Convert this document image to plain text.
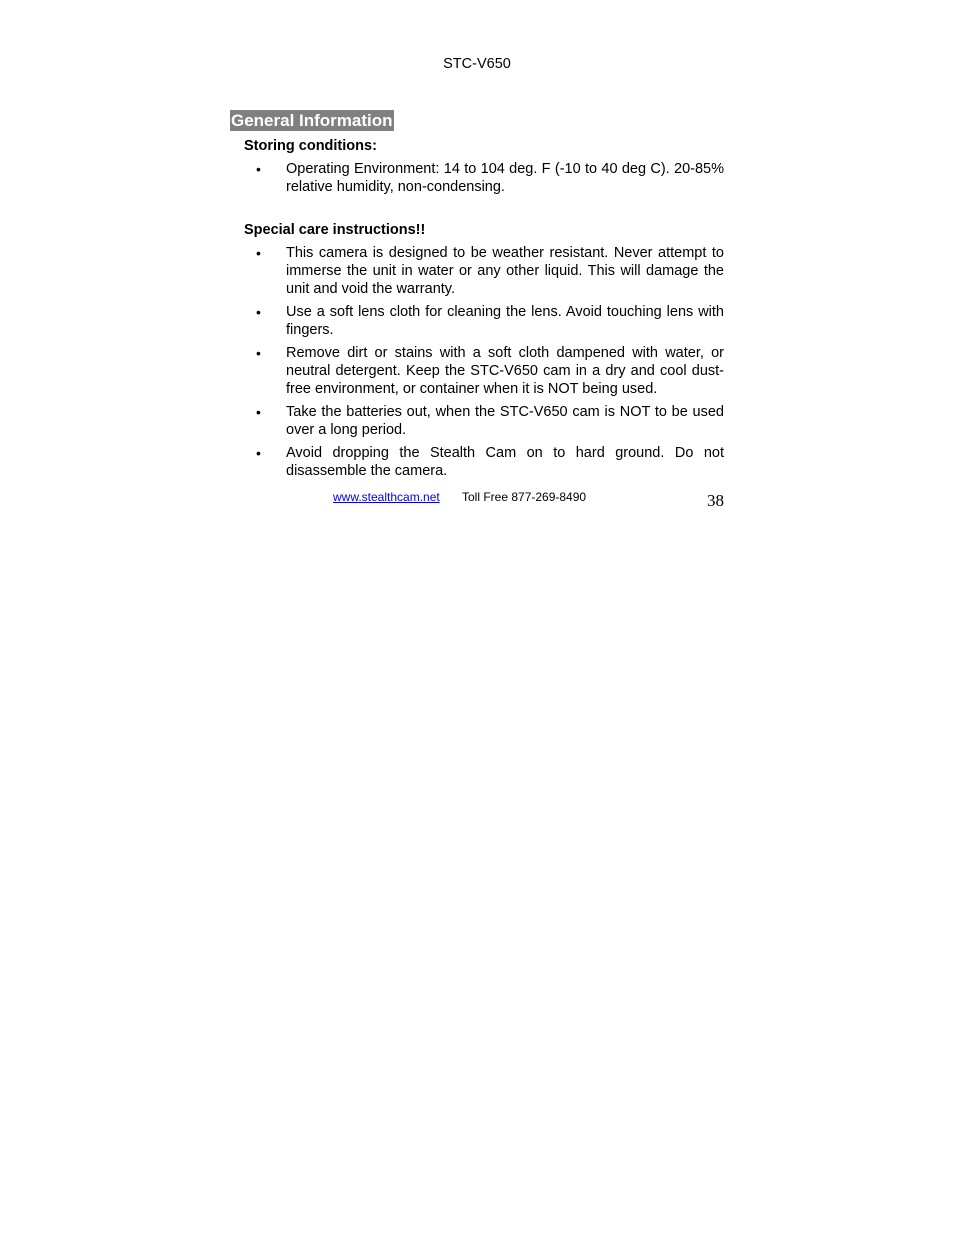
STC-V650
General Information
Storing conditions:
• Operating Environment: 14 to 104 deg. F (-10 to 40 deg C). 20-85% relative humidity, non-condensing.
Special care instructions!!
• This camera is designed to be weather resistant. Never attempt to immerse the unit in water or any other liquid. This will damage the unit and void the warranty.
• Use a soft lens cloth for cleaning the lens. Avoid touching lens with fingers.
• Remove dirt or stains with a soft cloth dampened with water, or neutral detergent. Keep the STC-V650 cam in a dry and cool dust-free environment, or container when it is NOT being used.
• Take the batteries out, when the STC-V650 cam is NOT to be used over a long period.
• Avoid dropping the Stealth Cam on to hard ground. Do not disassemble the camera.
www.stealthcam.net Toll Free 877-269-8490	38
